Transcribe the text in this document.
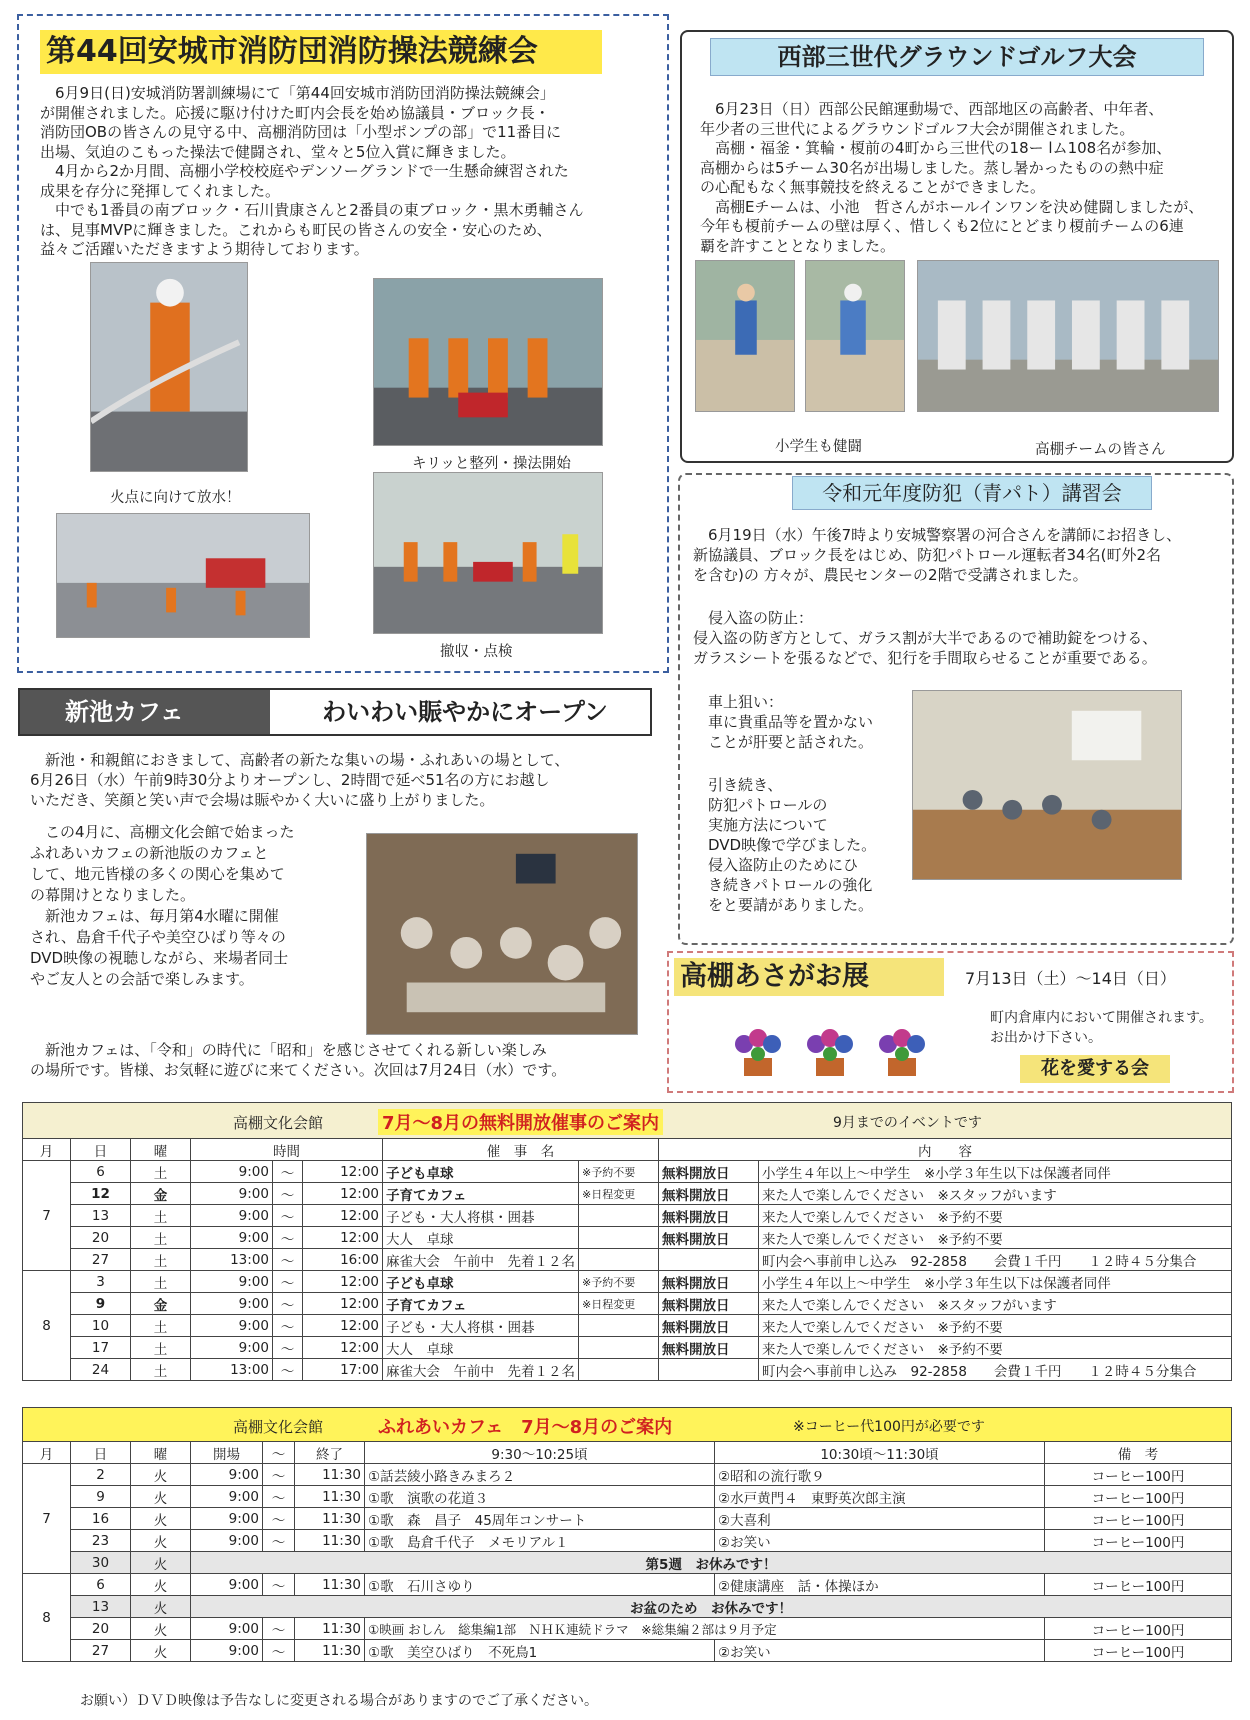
第44回安城市消防団消防操法競練会
　6月9日(日)安城消防署訓練場にて「第44回安城市消防団消防操法競練会」
が開催されました。応援に駆け付けた町内会長を始め協議員・ブロック長・
消防団OBの皆さんの見守る中、高棚消防団は「小型ポンプの部」で11番目に
出場、気迫のこもった操法で健闘され、堂々と5位入賞に輝きました。
　4月から2か月間、高棚小学校校庭やデンソーグランドで一生懸命練習された
成果を存分に発揮してくれました。
　中でも1番員の南ブロック・石川貴康さんと2番員の東ブロック・黒木勇輔さん
は、見事MVPに輝きました。これからも町民の皆さんの安全・安心のため、
益々ご活躍いただきますよう期待しております。
火点に向けて放水！
キリッと整列・操法開始
撤収・点検
西部三世代グラウンドゴルフ大会
　6月23日（日）西部公民館運動場で、西部地区の高齢者、中年者、
年少者の三世代によるグラウンドゴルフ大会が開催されました。
　高棚・福釜・箕輪・榎前の4町から三世代の18ー lム108名が参加、
高棚からは5チーム30名が出場しました。蒸し暑かったものの熱中症
の心配もなく無事競技を終えることができました。
　高棚Eチームは、小池　哲さんがホールインワンを決め健闘しましたが、
今年も榎前チームの壁は厚く、惜しくも2位にとどまり榎前チームの6連
覇を許すこととなりました。
小学生も健闘	高棚チームの皆さん
令和元年度防犯（青パト）講習会
　6月19日（水）午後7時より安城警察署の河合さんを講師にお招きし、
新協議員、ブロック長をはじめ、防犯パトロール運転者34名(町外2名
を含む)の 方々が、農民センターの2階で受講されました。
　侵入盗の防止：
侵入盗の防ぎ方として、ガラス割が大半であるので補助錠をつける、
ガラスシートを張るなどで、犯行を手間取らせることが重要である。
　車上狙い：
　車に貴重品等を置かない
　ことが肝要と話された。
　引き続き、
　防犯パトロールの
　実施方法について
　DVD映像で学びました。
　侵入盗防止のためにひ
　き続きパトロールの強化
　をと要請がありました。
新池カフェ	わいわい賑やかにオープン
　新池・和親館におきまして、高齢者の新たな集いの場・ふれあいの場として、
6月26日（水）午前9時30分よりオープンし、2時間で延べ51名の方にお越し
いただき、笑顔と笑い声で会場は賑やかく大いに盛り上がりました。
　この4月に、高棚文化会館で始まった
ふれあいカフェの新池版のカフェと
して、地元皆様の多くの関心を集めて
の幕開けとなりました。
　新池カフェは、毎月第4水曜に開催
され、島倉千代子や美空ひばり等々の
DVD映像の視聴しながら、来場者同士
やご友人との会話で楽しみます。
　新池カフェは、「令和」の時代に「昭和」を感じさせてくれる新しい楽しみ
の場所です。皆様、お気軽に遊びに来てください。次回は7月24日（水）です。
高棚あさがお展	7月13日（土）～14日（日）
町内倉庫内において開催されます。
お出かけ下さい。
花を愛する会
高棚文化会館	7月～8月の無料開放催事のご案内	9月までのイベントです
月	日	曜	時間			催　事　名		内　　容	
7	6	土	9:00	～	12:00	子ども卓球	※予約不要	無料開放日	小学生４年以上～中学生　※小学３年生以下は保護者同伴
	12	金	9:00	～	12:00	子育てカフェ	※日程変更	無料開放日	来た人で楽しんでください　※スタッフがいます
	13	土	9:00	～	12:00	子ども・大人将棋・囲碁		無料開放日	来た人で楽しんでください　※予約不要
	20	土	9:00	～	12:00	大人　卓球		無料開放日	来た人で楽しんでください　※予約不要
	27	土	13:00	～	16:00	麻雀大会　午前中　先着１２名			町内会へ事前申し込み　92-2858　　会費１千円　　１２時４５分集合
8	3	土	9:00	～	12:00	子ども卓球	※予約不要	無料開放日	小学生４年以上～中学生　※小学３年生以下は保護者同伴
	9	金	9:00	～	12:00	子育てカフェ	※日程変更	無料開放日	来た人で楽しんでください　※スタッフがいます
	10	土	9:00	～	12:00	子ども・大人将棋・囲碁		無料開放日	来た人で楽しんでください　※予約不要
	17	土	9:00	～	12:00	大人　卓球		無料開放日	来た人で楽しんでください　※予約不要
	24	土	13:00	～	17:00	麻雀大会　午前中　先着１２名			町内会へ事前申し込み　92-2858　　会費１千円　　１２時４５分集合
高棚文化会館	ふれあいカフェ　7月～8月のご案内	※コーヒー代100円が必要です
月	日	曜	開場	～	終了	9:30～10:25頃	10:30頃～11:30頃	備　考
7	2	火	9:00	～	11:30	①話芸綾小路きみまろ２	②昭和の流行歌９	コーヒー100円
	9	火	9:00	～	11:30	①歌　演歌の花道３	②水戸黄門４　東野英次郎主演	コーヒー100円
	16	火	9:00	～	11:30	①歌　森　昌子　45周年コンサート	②大喜利	コーヒー100円
	23	火	9:00	～	11:30	①歌　島倉千代子　メモリアル１	②お笑い	コーヒー100円
	30	火	第5週　お休みです！					
8	6	火	9:00	～	11:30	①歌　石川さゆり	②健康講座　話・体操ほか	コーヒー100円
	13	火	お盆のため　お休みです！					
	20	火	9:00	～	11:30	①映画 おしん　総集編1部　ＮＨＫ連続ドラマ　※総集編２部は９月予定		コーヒー100円
	27	火	9:00	～	11:30	①歌　美空ひばり　不死鳥1	②お笑い	コーヒー100円
お願い）ＤＶＤ映像は予告なしに変更される場合がありますのでご了承ください。
